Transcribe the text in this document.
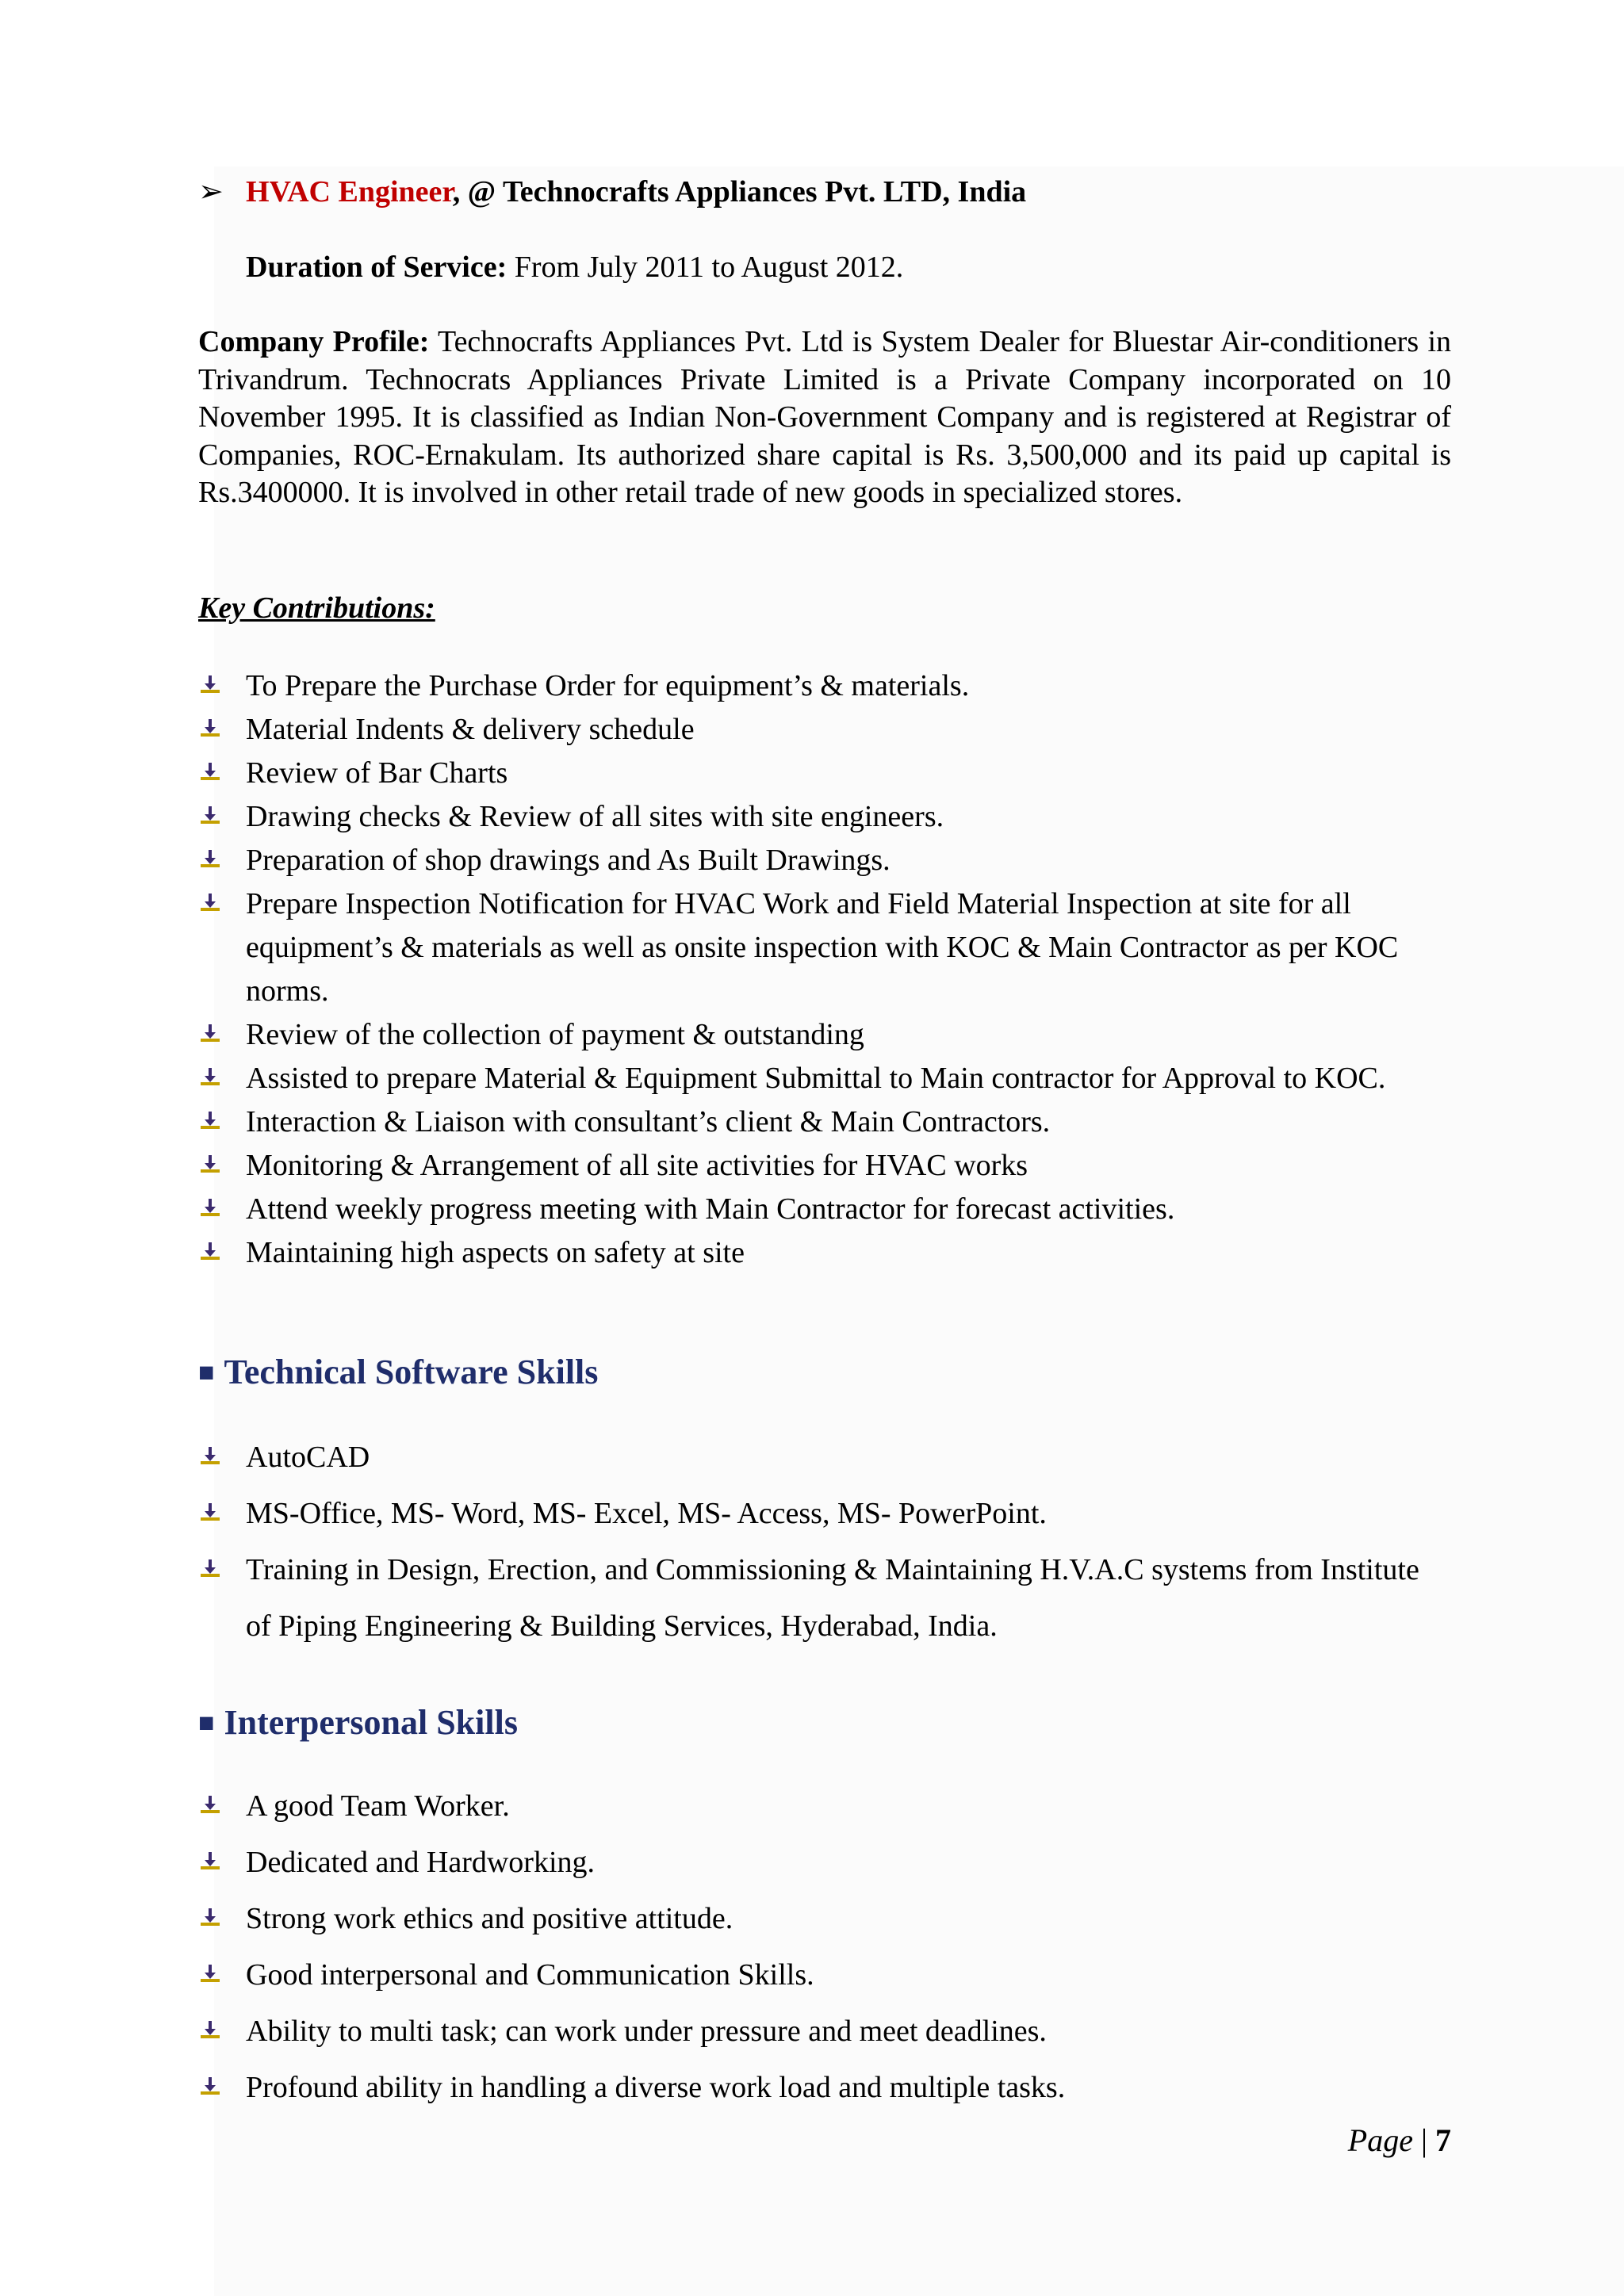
➢ HVAC Engineer, @ Technocrafts Appliances Pvt. LTD, India
Duration of Service: From July 2011 to August 2012.
Company Profile: Technocrafts Appliances Pvt. Ltd is System Dealer for Bluestar Air-conditioners in Trivandrum. Technocrats Appliances Private Limited is a Private Company incorporated on 10 November 1995. It is classified as Indian Non-Government Company and is registered at Registrar of Companies, ROC-Ernakulam. Its authorized share capital is Rs. 3,500,000 and its paid up capital is Rs.3400000. It is involved in other retail trade of new goods in specialized stores.
Key Contributions:
To Prepare the Purchase Order for equipment’s & materials.
Material Indents & delivery schedule
Review of Bar Charts
Drawing checks & Review of all sites with site engineers.
Preparation of shop drawings and As Built Drawings.
Prepare Inspection Notification for HVAC Work and Field Material Inspection at site for all equipment’s & materials as well as onsite inspection with KOC & Main Contractor as per KOC norms.
Review of the collection of payment & outstanding
Assisted to prepare Material & Equipment Submittal to Main contractor for Approval to KOC.
Interaction & Liaison with consultant’s client & Main Contractors.
Monitoring & Arrangement of all site activities for HVAC works
Attend weekly progress meeting with Main Contractor for forecast activities.
Maintaining high aspects on safety at site
■ Technical Software Skills
AutoCAD
MS-Office, MS- Word, MS- Excel, MS- Access, MS- PowerPoint.
Training in Design, Erection, and Commissioning & Maintaining H.V.A.C systems from Institute of Piping Engineering & Building Services, Hyderabad, India.
■ Interpersonal Skills
A good Team Worker.
Dedicated and Hardworking.
Strong work ethics and positive attitude.
Good interpersonal and Communication Skills.
Ability to multi task; can work under pressure and meet deadlines.
Profound ability in handling a diverse work load and multiple tasks.
Page | 7
